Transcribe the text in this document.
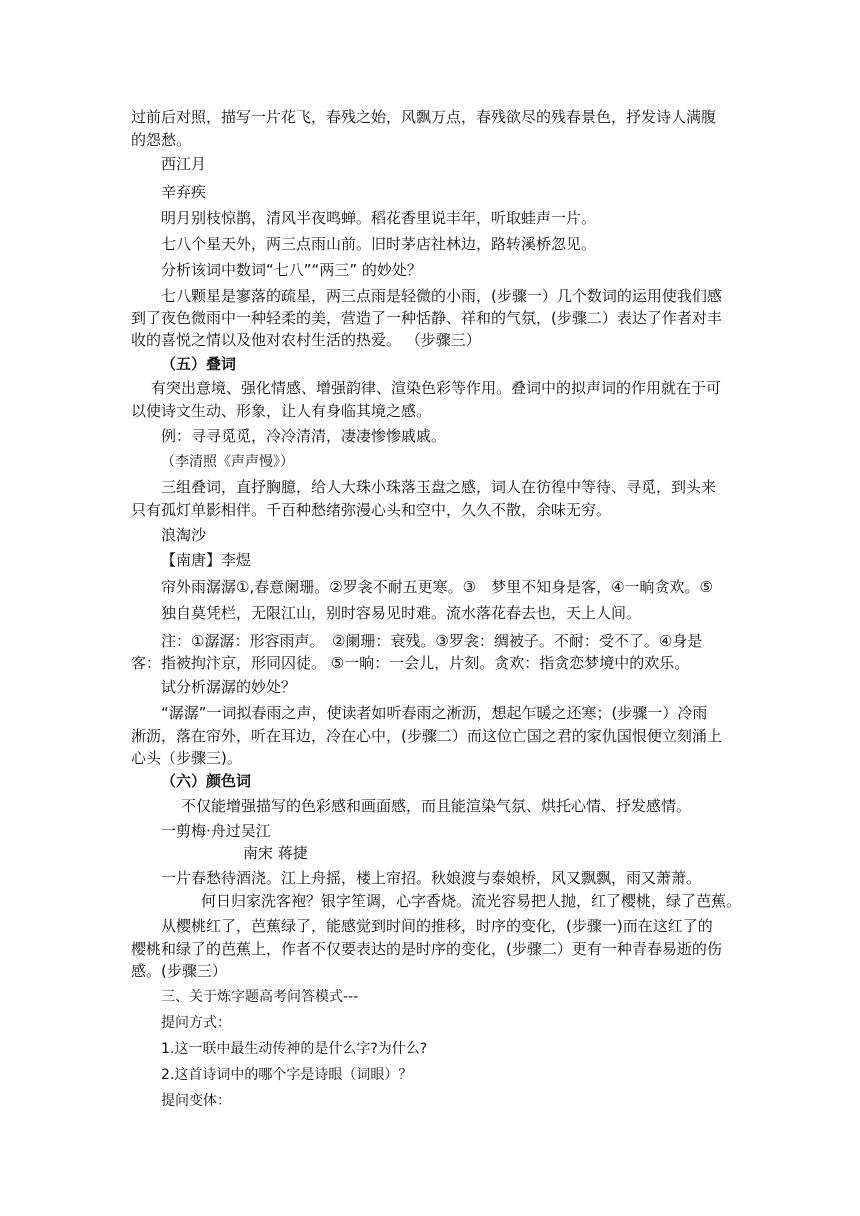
过前后对照，描写一片花飞，春残之始，风飘万点，春残欲尽的残春景色，抒发诗人满腹
的怨愁。
西江月
辛弃疾
明月别枝惊鹊，清风半夜鸣蝉。稻花香里说丰年，听取蛙声一片。
七八个星天外，两三点雨山前。旧时茅店社林边，路转溪桥忽见。
分析该词中数词“七八”“两三” 的妙处？
七八颗星是寥落的疏星，两三点雨是轻微的小雨，(步骤一）几个数词的运用使我们感
到了夜色微雨中一种轻柔的美，营造了一种恬静、祥和的气氛，(步骤二）表达了作者对丰
收的喜悦之情以及他对农村生活的热爱。 （步骤三）
（五）叠词
有突出意境、强化情感、增强韵律、渲染色彩等作用。叠词中的拟声词的作用就在于可
以使诗文生动、形象，让人有身临其境之感。
例：寻寻觅觅，冷冷清清，凄凄惨惨戚戚。
（李清照《声声慢》）
三组叠词，直抒胸臆，给人大珠小珠落玉盘之感，词人在彷徨中等待、寻觅，到头来
只有孤灯单影相伴。千百种愁绪弥漫心头和空中，久久不散，余味无穷。
浪淘沙
【南唐】李煜
帘外雨潺潺①,春意阑珊。②罗衾不耐五更寒。③　梦里不知身是客，④一晌贪欢。⑤
独自莫凭栏，无限江山，别时容易见时难。流水落花春去也，天上人间。
注：①潺潺：形容雨声。　②阑珊：衰残。③罗衾：绸被子。不耐：受不了。④身是
客：指被拘汴京，形同囚徒。 ⑤一晌：一会儿，片刻。贪欢：指贪恋梦境中的欢乐。
试分析潺潺的妙处？
“潺潺”一词拟春雨之声，使读者如听春雨之淅沥，想起乍暖之还寒；(步骤一）冷雨
淅沥，落在帘外，听在耳边，冷在心中，(步骤二）而这位亡国之君的家仇国恨便立刻涌上
心头（步骤三)。
（六）颜色词
不仅能增强描写的色彩感和画面感，而且能渲染气氛、烘托心情、抒发感情。
一剪梅·舟过吴江
南宋 蒋捷
一片春愁待酒浇。江上舟摇，楼上帘招。秋娘渡与泰娘桥，风又飘飘，雨又萧萧。
何日归家洗客袍？银字笙调，心字香烧。流光容易把人抛，红了樱桃，绿了芭蕉。
从樱桃红了，芭蕉绿了，能感觉到时间的推移，时序的变化，(步骤一)而在这红了的
樱桃和绿了的芭蕉上，作者不仅要表达的是时序的变化，(步骤二）更有一种青春易逝的伤
感。(步骤三）
三、关于炼字题高考问答模式---
提问方式：
1.这一联中最生动传神的是什么字?为什么?
2.这首诗词中的哪个字是诗眼（词眼）？
提问变体：
